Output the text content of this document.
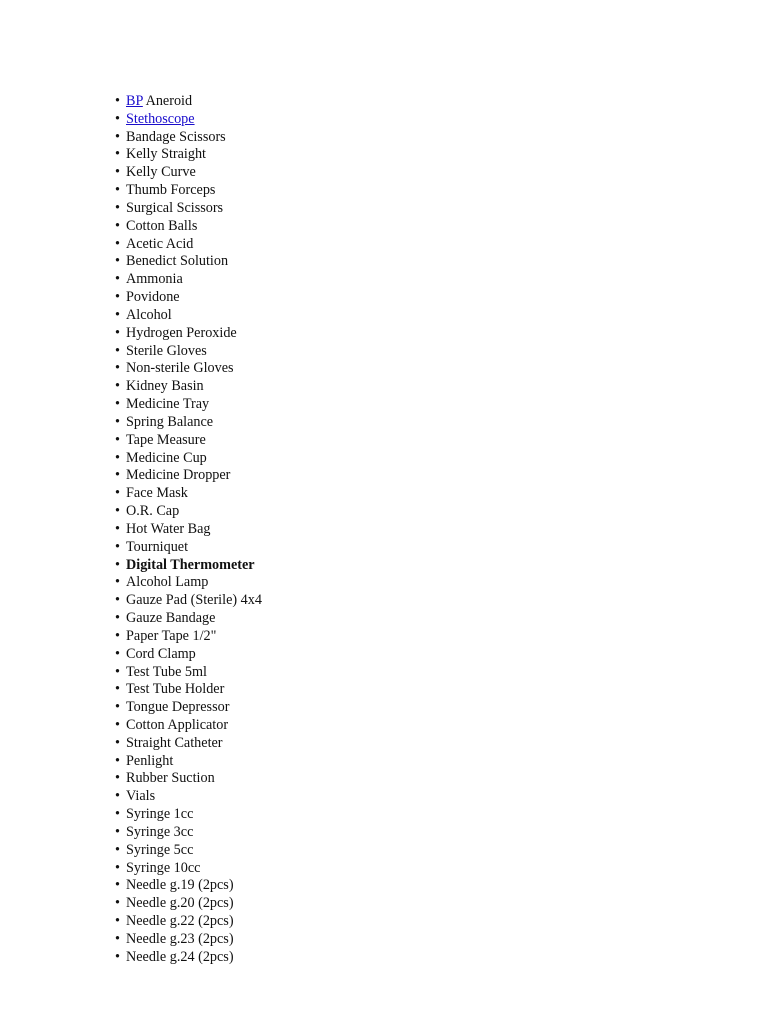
• BP Aneroid
• Stethoscope
• Bandage Scissors
• Kelly Straight
• Kelly Curve
• Thumb Forceps
• Surgical Scissors
• Cotton Balls
• Acetic Acid
• Benedict Solution
• Ammonia
• Povidone
• Alcohol
• Hydrogen Peroxide
• Sterile Gloves
• Non-sterile Gloves
• Kidney Basin
• Medicine Tray
• Spring Balance
• Tape Measure
• Medicine Cup
• Medicine Dropper
• Face Mask
• O.R. Cap
• Hot Water Bag
• Tourniquet
• Digital Thermometer
• Alcohol Lamp
• Gauze Pad (Sterile) 4x4
• Gauze Bandage
• Paper Tape 1/2"
• Cord Clamp
• Test Tube 5ml
• Test Tube Holder
• Tongue Depressor
• Cotton Applicator
• Straight Catheter
• Penlight
• Rubber Suction
• Vials
• Syringe 1cc
• Syringe 3cc
• Syringe 5cc
• Syringe 10cc
• Needle g.19 (2pcs)
• Needle g.20 (2pcs)
• Needle g.22 (2pcs)
• Needle g.23 (2pcs)
• Needle g.24 (2pcs)
